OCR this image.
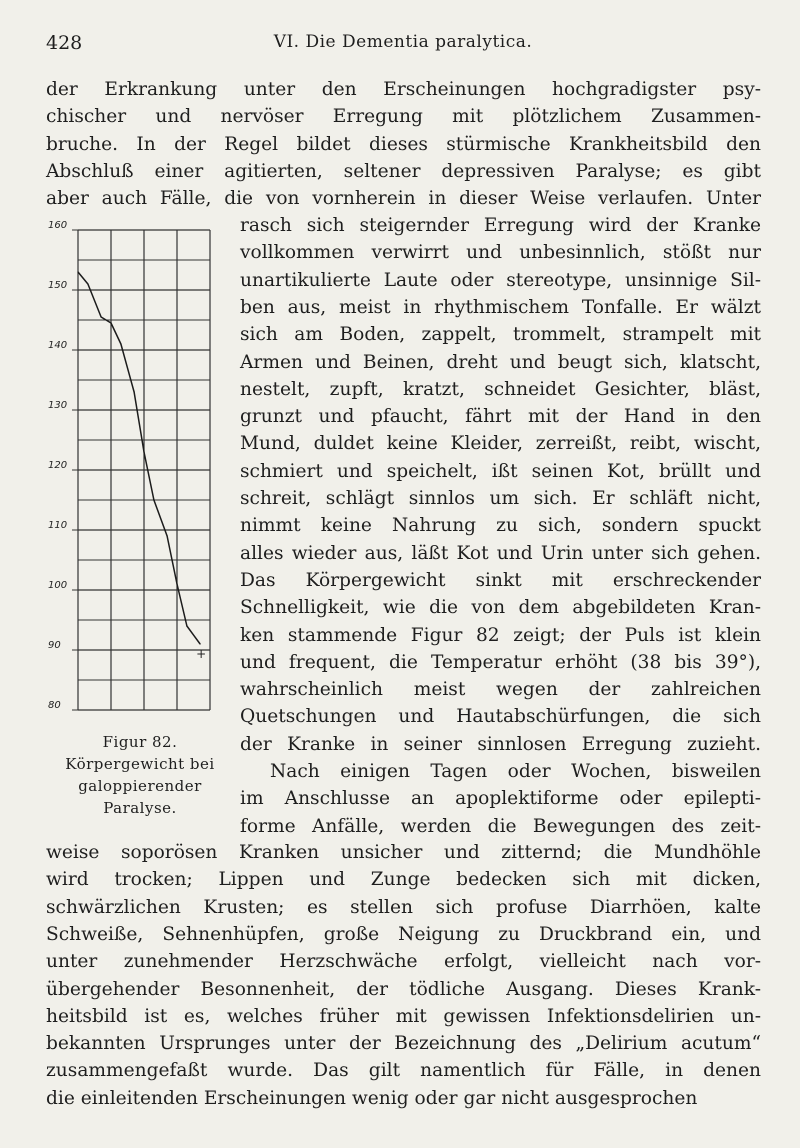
428	VI. Die Dementia paralytica.
der Erkrankung unter den Erscheinungen hochgradigster psy-
chischer und nervöser Erregung mit plötzlichem Zusammen-
bruche. In der Regel bildet dieses stürmische Krankheitsbild den
Abschluß einer agitierten, seltener depressiven Paralyse; es gibt
aber auch Fälle, die von vornherein in dieser Weise verlaufen. Unter
rasch sich steigernder Erregung wird der Kranke
vollkommen verwirrt und unbesinnlich, stößt nur
unartikulierte Laute oder stereotype, unsinnige Sil-
ben aus, meist in rhythmischem Tonfalle. Er wälzt
sich am Boden, zappelt, trommelt, strampelt mit
Armen und Beinen, dreht und beugt sich, klatscht,
nestelt, zupft, kratzt, schneidet Gesichter, bläst,
grunzt und pfaucht, fährt mit der Hand in den
Mund, duldet keine Kleider, zerreißt, reibt, wischt,
schmiert und speichelt, ißt seinen Kot, brüllt und
schreit, schlägt sinnlos um sich. Er schläft nicht,
nimmt keine Nahrung zu sich, sondern spuckt
alles wieder aus, läßt Kot und Urin unter sich gehen.
Das Körpergewicht sinkt mit erschreckender
Schnelligkeit, wie die von dem abgebildeten Kran-
ken stammende Figur 82 zeigt; der Puls ist klein
und frequent, die Temperatur erhöht (38 bis 39°),
wahrscheinlich meist wegen der zahlreichen
Quetschungen und Hautabschürfungen, die sich
der Kranke in seiner sinnlosen Erregung zuzieht.
Nach einigen Tagen oder Wochen, bisweilen
im Anschlusse an apoplektiforme oder epilepti-
forme Anfälle, werden die Bewegungen des zeit-
weise soporösen Kranken unsicher und zitternd; die Mundhöhle
wird trocken; Lippen und Zunge bedecken sich mit dicken,
schwärzlichen Krusten; es stellen sich profuse Diarrhöen, kalte
Schweiße, Sehnenhüpfen, große Neigung zu Druckbrand ein, und
unter zunehmender Herzschwäche erfolgt, vielleicht nach vor-
übergehender Besonnenheit, der tödliche Ausgang. Dieses Krank-
heitsbild ist es, welches früher mit gewissen Infektionsdelirien un-
bekannten Ursprunges unter der Bezeichnung des „Delirium acutum“
zusammengefaßt wurde. Das gilt namentlich für Fälle, in denen
die einleitenden Erscheinungen wenig oder gar nicht ausgesprochen
80
90
100
110
120
130
140
150
160
+
Figur 82.
Körpergewicht bei
galoppierender
Paralyse.
